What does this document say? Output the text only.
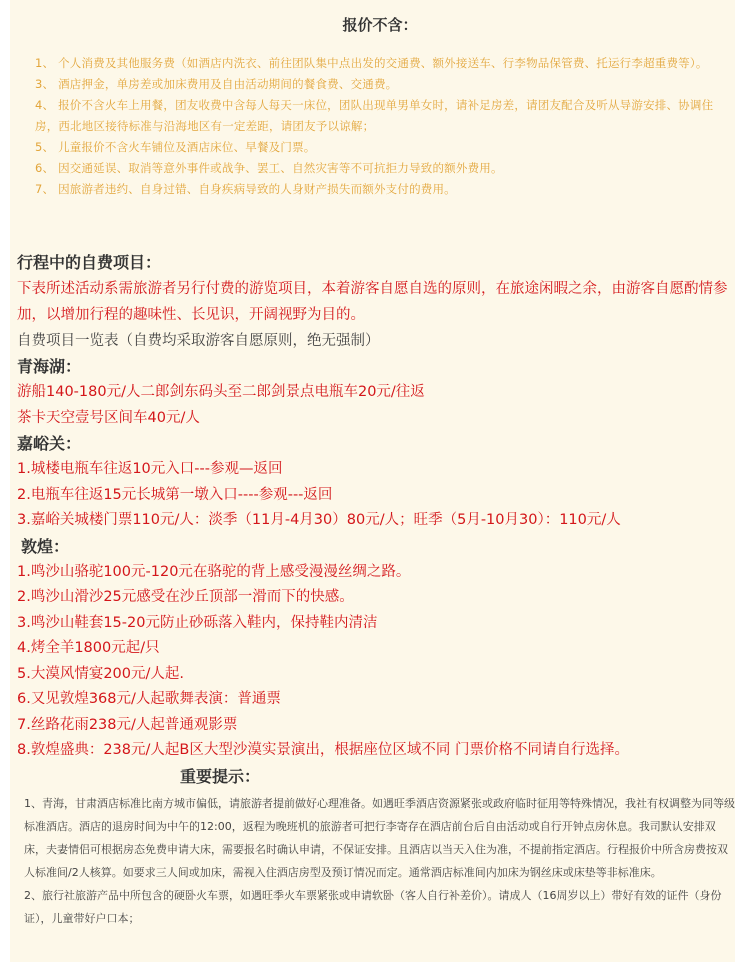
报价不含：
1、 个人消费及其他服务费（如酒店内洗衣、前往团队集中点出发的交通费、额外接送车、行李物品保管费、托运行李超重费等）。
3、 酒店押金，单房差或加床费用及自由活动期间的餐食费、交通费。
4、 报价不含火车上用餐，团友收费中含每人每天一床位，团队出现单男单女时，请补足房差，请团友配合及听从导游安排、协调住房，西北地区接待标准与沿海地区有一定差距，请团友予以谅解；
5、 儿童报价不含火车铺位及酒店床位、早餐及门票。
6、 因交通延误、取消等意外事件或战争、罢工、自然灾害等不可抗拒力导致的额外费用。
7、 因旅游者违约、自身过错、自身疾病导致的人身财产损失而额外支付的费用。
行程中的自费项目：
下表所述活动系需旅游者另行付费的游览项目，本着游客自愿自选的原则，在旅途闲暇之余，由游客自愿酌情参加，以增加行程的趣味性、长见识，开阔视野为目的。
自费项目一览表（自费均采取游客自愿原则，绝无强制）
青海湖：
游船140-180元/人二郎剑东码头至二郎剑景点电瓶车20元/往返
茶卡天空壹号区间车40元/人
嘉峪关：
1.城楼电瓶车往返10元入口---参观—返回
2.电瓶车往返15元长城第一墩入口----参观---返回
3.嘉峪关城楼门票110元/人：淡季（11月-4月30）80元/人；旺季（5月-10月30）：110元/人
敦煌：
1.鸣沙山骆驼100元-120元在骆驼的背上感受漫漫丝绸之路。
2.鸣沙山滑沙25元感受在沙丘顶部一滑而下的快感。
3.鸣沙山鞋套15-20元防止砂砾落入鞋内，保持鞋内清洁
4.烤全羊1800元起/只
5.大漠风情宴200元/人起.
6.又见敦煌368元/人起歌舞表演：普通票
7.丝路花雨238元/人起普通观影票
8.敦煌盛典：238元/人起B区大型沙漠实景演出，根据座位区域不同 门票价格不同请自行选择。
重要提示：

1、青海，甘肃酒店标准比南方城市偏低，请旅游者提前做好心理准备。如遇旺季酒店资源紧张或政府临时征用等特殊情况，我社有权调整为同等级标准酒店。酒店的退房时间为中午的12:00，返程为晚班机的旅游者可把行李寄存在酒店前台后自由活动或自行开钟点房休息。我司默认安排双床，夫妻情侣可根据房态免费申请大床，需要报名时确认申请，不保证安排。且酒店以当天入住为准，不提前指定酒店。行程报价中所含房费按双人标准间/2人核算。如要求三人间或加床，需视入住酒店房型及预订情况而定。通常酒店标准间内加床为钢丝床或床垫等非标准床。

2、旅行社旅游产品中所包含的硬卧火车票，如遇旺季火车票紧张或申请软卧（客人自行补差价）。请成人（16周岁以上）带好有效的证件（身份证），儿童带好户口本；
